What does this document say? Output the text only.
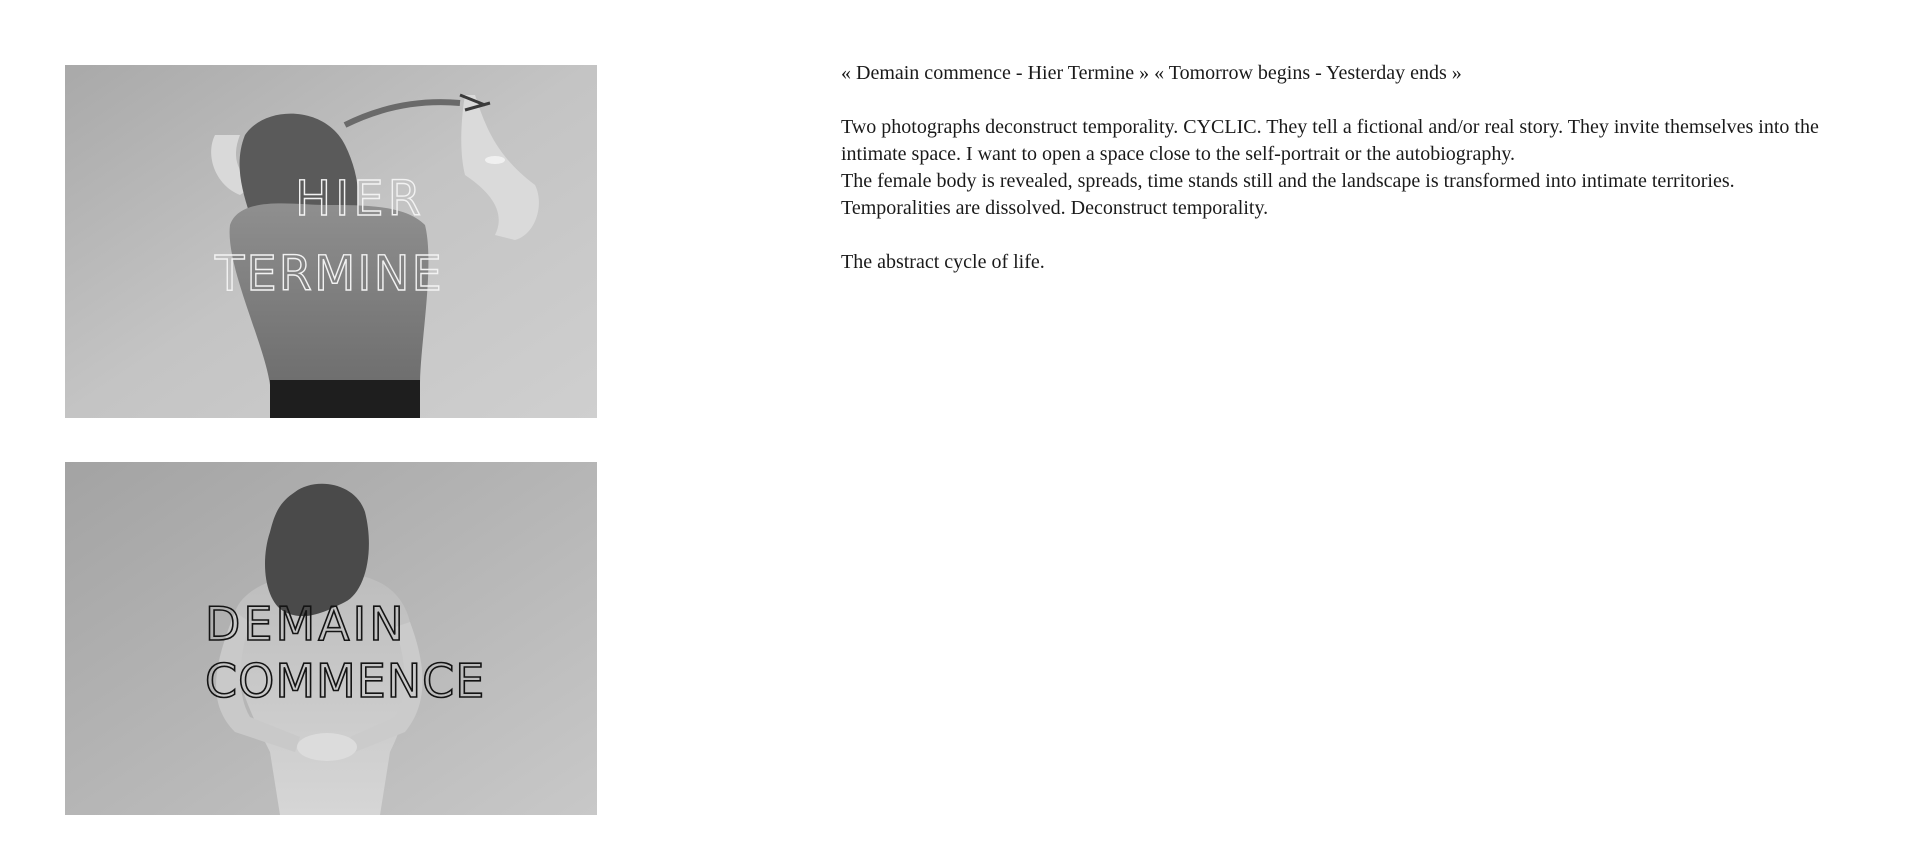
HIER
TERMINE
DEMAIN
COMMENCE

« Demain commence - Hier Termine » « Tomorrow begins - Yesterday ends »

Two photographs deconstruct temporality. CYCLIC. They tell a fictional and/or real story. They invite themselves into the intimate space. I want to open a space close to the self-portrait or the autobiography.

The female body is revealed, spreads, time stands still and the landscape is transformed into intimate territories.

Temporalities are dissolved. Deconstruct temporality.

The abstract cycle of life.
